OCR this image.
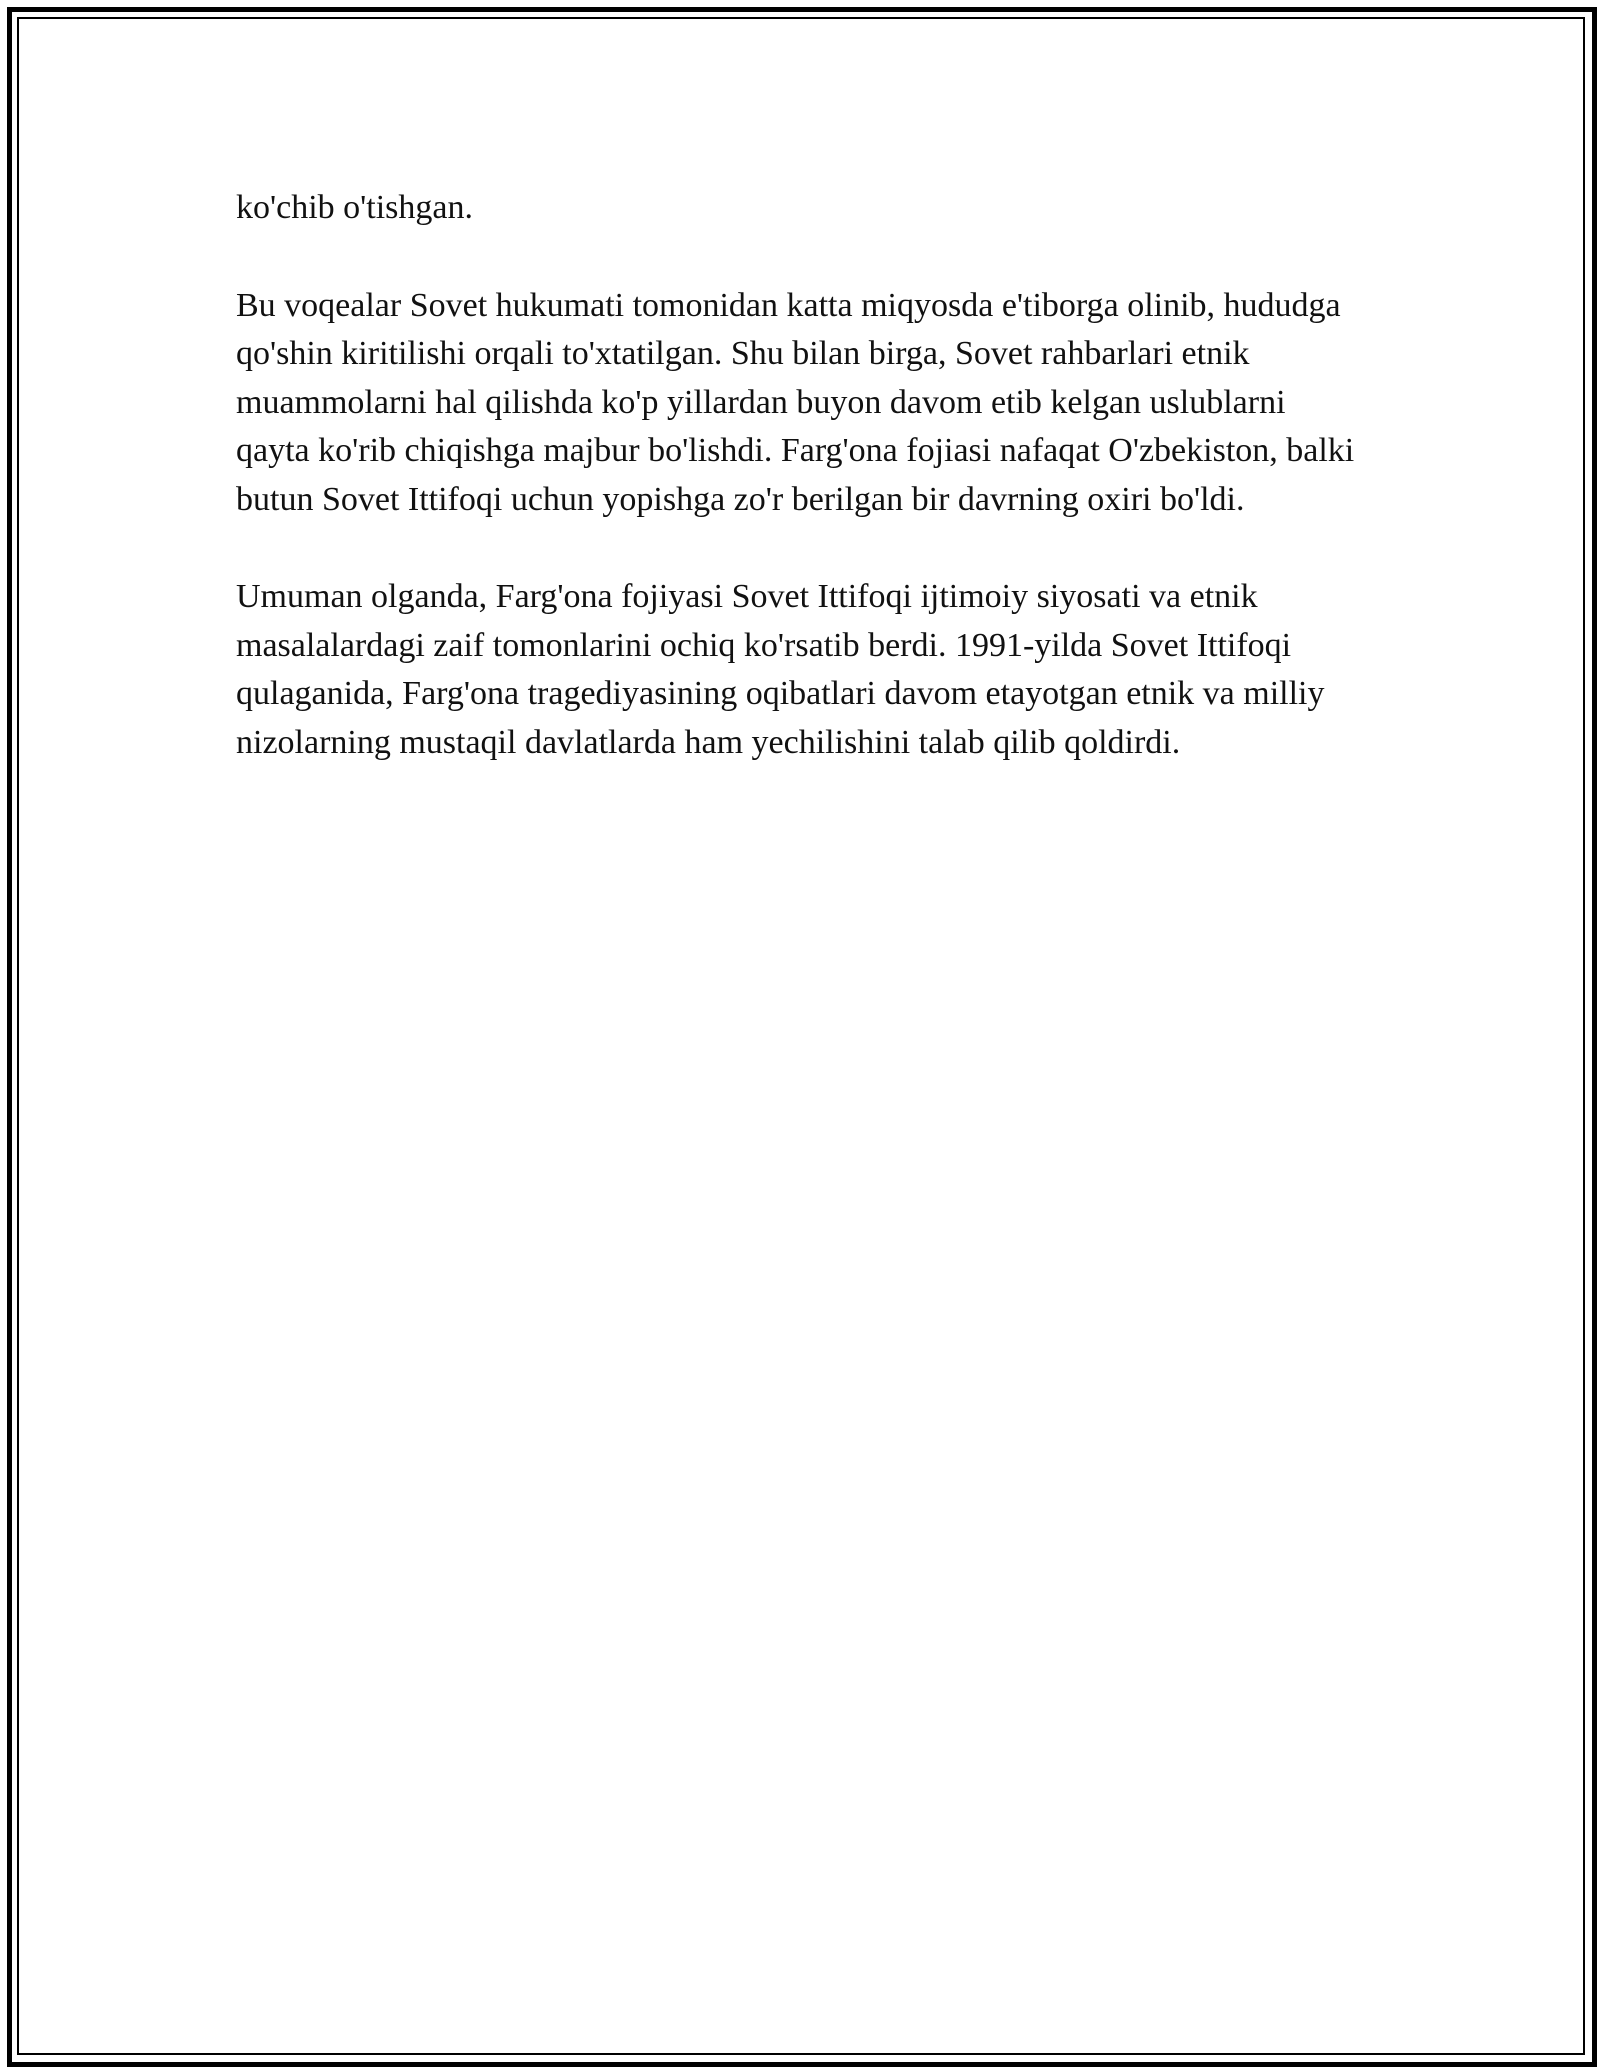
ko'chib o'tishgan.

Bu voqealar Sovet hukumati tomonidan katta miqyosda e'tiborga olinib, hududga qo'shin kiritilishi orqali to'xtatilgan. Shu bilan birga, Sovet rahbarlari etnik muammolarni hal qilishda ko'p yillardan buyon davom etib kelgan uslublarni qayta ko'rib chiqishga majbur bo'lishdi. Farg'ona fojiasi nafaqat O'zbekiston, balki butun Sovet Ittifoqi uchun yopishga zo'r berilgan bir davrning oxiri bo'ldi.

Umuman olganda, Farg'ona fojiyasi Sovet Ittifoqi ijtimoiy siyosati va etnik masalalardagi zaif tomonlarini ochiq ko'rsatib berdi. 1991-yilda Sovet Ittifoqi qulaganida, Farg'ona tragediyasining oqibatlari davom etayotgan etnik va milliy nizolarning mustaqil davlatlarda ham yechilishini talab qilib qoldirdi.
